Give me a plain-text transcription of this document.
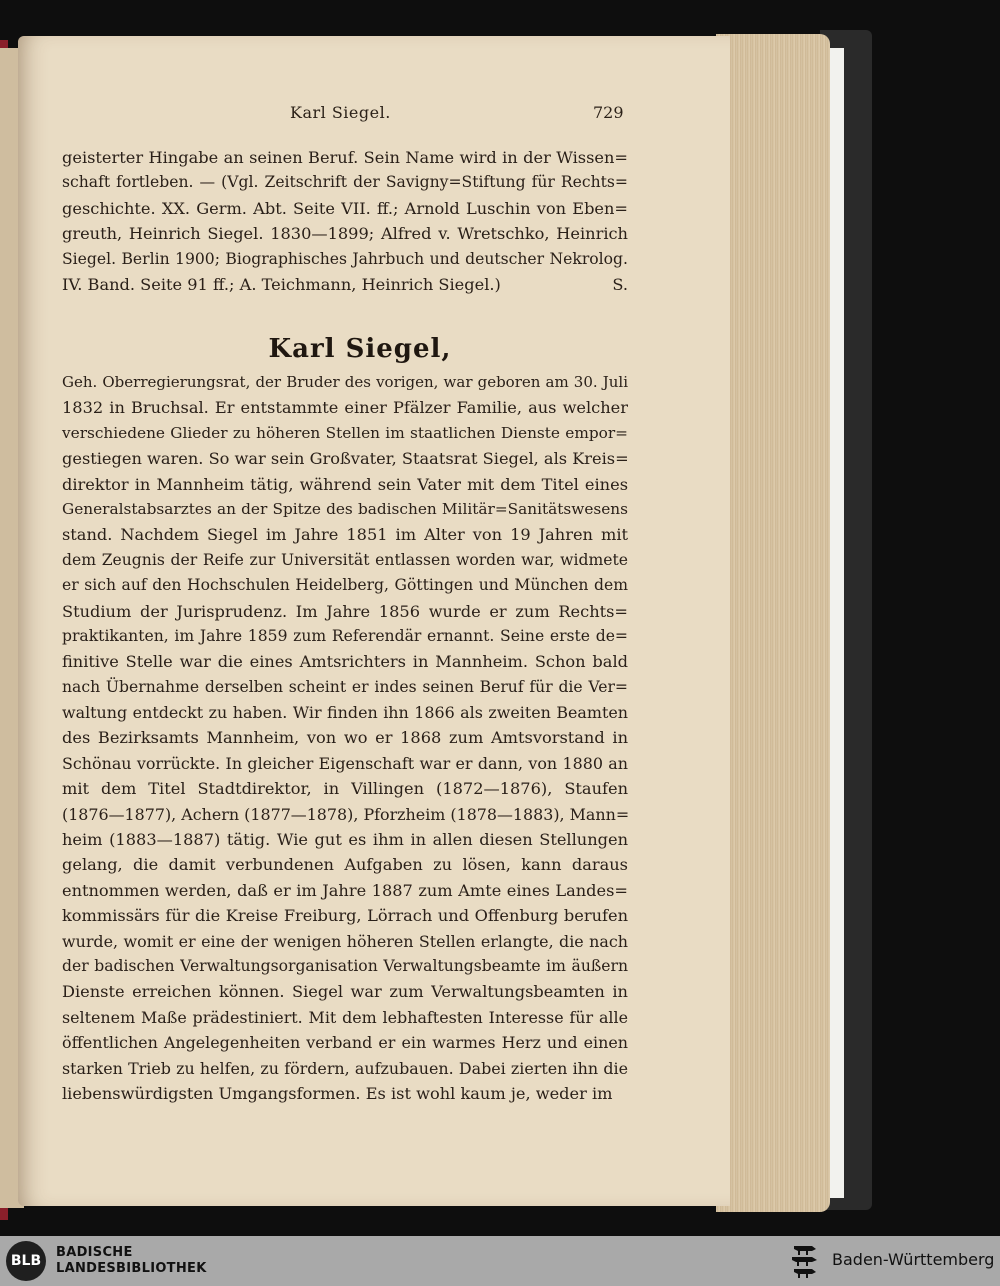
Karl Siegel.	729
geisterter Hingabe an seinen Beruf. Sein Name wird in der Wissen=
schaft fortleben. — (Vgl. Zeitschrift der Savigny=Stiftung für Rechts=
geschichte. XX. Germ. Abt. Seite VII. ff.; Arnold Luschin von Eben=
greuth, Heinrich Siegel. 1830—1899; Alfred v. Wretschko, Heinrich
Siegel. Berlin 1900; Biographisches Jahrbuch und deutscher Nekrolog.
IV. Band. Seite 91 ff.; A. Teichmann, Heinrich Siegel.)	S.
Karl Siegel,
Geh. Oberregierungsrat, der Bruder des vorigen, war geboren am 30. Juli
1832 in Bruchsal. Er entstammte einer Pfälzer Familie, aus welcher
verschiedene Glieder zu höheren Stellen im staatlichen Dienste empor=
gestiegen waren. So war sein Großvater, Staatsrat Siegel, als Kreis=
direktor in Mannheim tätig, während sein Vater mit dem Titel eines
Generalstabsarztes an der Spitze des badischen Militär=Sanitätswesens
stand. Nachdem Siegel im Jahre 1851 im Alter von 19 Jahren mit
dem Zeugnis der Reife zur Universität entlassen worden war, widmete
er sich auf den Hochschulen Heidelberg, Göttingen und München dem
Studium der Jurisprudenz. Im Jahre 1856 wurde er zum Rechts=
praktikanten, im Jahre 1859 zum Referendär ernannt. Seine erste de=
finitive Stelle war die eines Amtsrichters in Mannheim. Schon bald
nach Übernahme derselben scheint er indes seinen Beruf für die Ver=
waltung entdeckt zu haben. Wir finden ihn 1866 als zweiten Beamten
des Bezirksamts Mannheim, von wo er 1868 zum Amtsvorstand in
Schönau vorrückte. In gleicher Eigenschaft war er dann, von 1880 an
mit dem Titel Stadtdirektor, in Villingen (1872—1876), Staufen
(1876—1877), Achern (1877—1878), Pforzheim (1878—1883), Mann=
heim (1883—1887) tätig. Wie gut es ihm in allen diesen Stellungen
gelang, die damit verbundenen Aufgaben zu lösen, kann daraus
entnommen werden, daß er im Jahre 1887 zum Amte eines Landes=
kommissärs für die Kreise Freiburg, Lörrach und Offenburg berufen
wurde, womit er eine der wenigen höheren Stellen erlangte, die nach
der badischen Verwaltungsorganisation Verwaltungsbeamte im äußern
Dienste erreichen können. Siegel war zum Verwaltungsbeamten in
seltenem Maße prädestiniert. Mit dem lebhaftesten Interesse für alle
öffentlichen Angelegenheiten verband er ein warmes Herz und einen
starken Trieb zu helfen, zu fördern, aufzubauen. Dabei zierten ihn die
liebenswürdigsten Umgangsformen. Es ist wohl kaum je, weder im
BLB
BADISCHE
LANDESBIBLIOTHEK	Baden-Württemberg
